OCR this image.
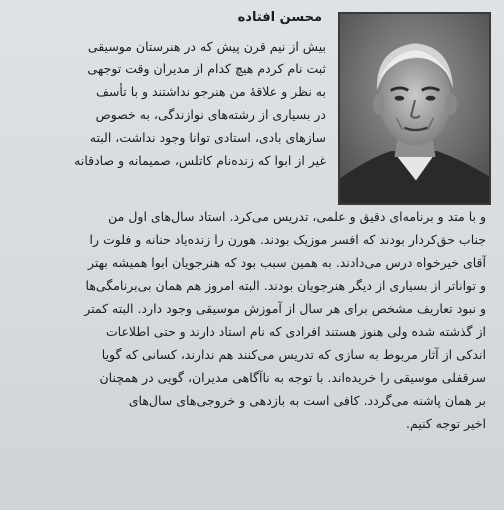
محسن افتاده
بیش از نیم قرن پیش که در هنرستان موسیقی
ثبت نام کردم هیچ کدام از مدیران وقت توجهی
به نظر و علاقهٔ من هنرجو نداشتند و با تأسف
در بسیاری از رشته‌های نوازندگی، به خصوص
سازهای بادی، استادی توانا وجود نداشت، البته
غیر از ابوا که زنده‌نام کاتلس، صمیمانه و صادقانه
و با متد و برنامه‌ای دقیق و علمی، تدریس می‌کرد. استاد سال‌های اول من
جناب حق‌کردار بودند که افسر موزیک بودند. هورن را زنده‌یاد حنانه و فلوت را
آقای خیرخواه درس می‌دادند. به همین سبب بود که هنرجویان ابوا همیشه بهتر
و تواناتر از بسیاری از دیگر هنرجویان بودند. البته امروز هم همان بی‌برنامگی‌ها
و نبود تعاریف مشخص برای هر سال از آموزش موسیقی وجود دارد. البته کمتر
از گذشته شده ولی هنوز هستند افرادی که نام استاد دارند و حتی اطلاعات
اندکی از آثار مربوط به سازی که تدریس می‌کنند هم ندارند، کسانی که گویا
سرقفلی موسیقی را خریده‌اند. با توجه به ناآگاهی مدیران، گویی در همچنان
بر همان پاشنه می‌گردد. کافی است به بازدهی و خروجی‌های سال‌های
اخیر توجه کنیم.
